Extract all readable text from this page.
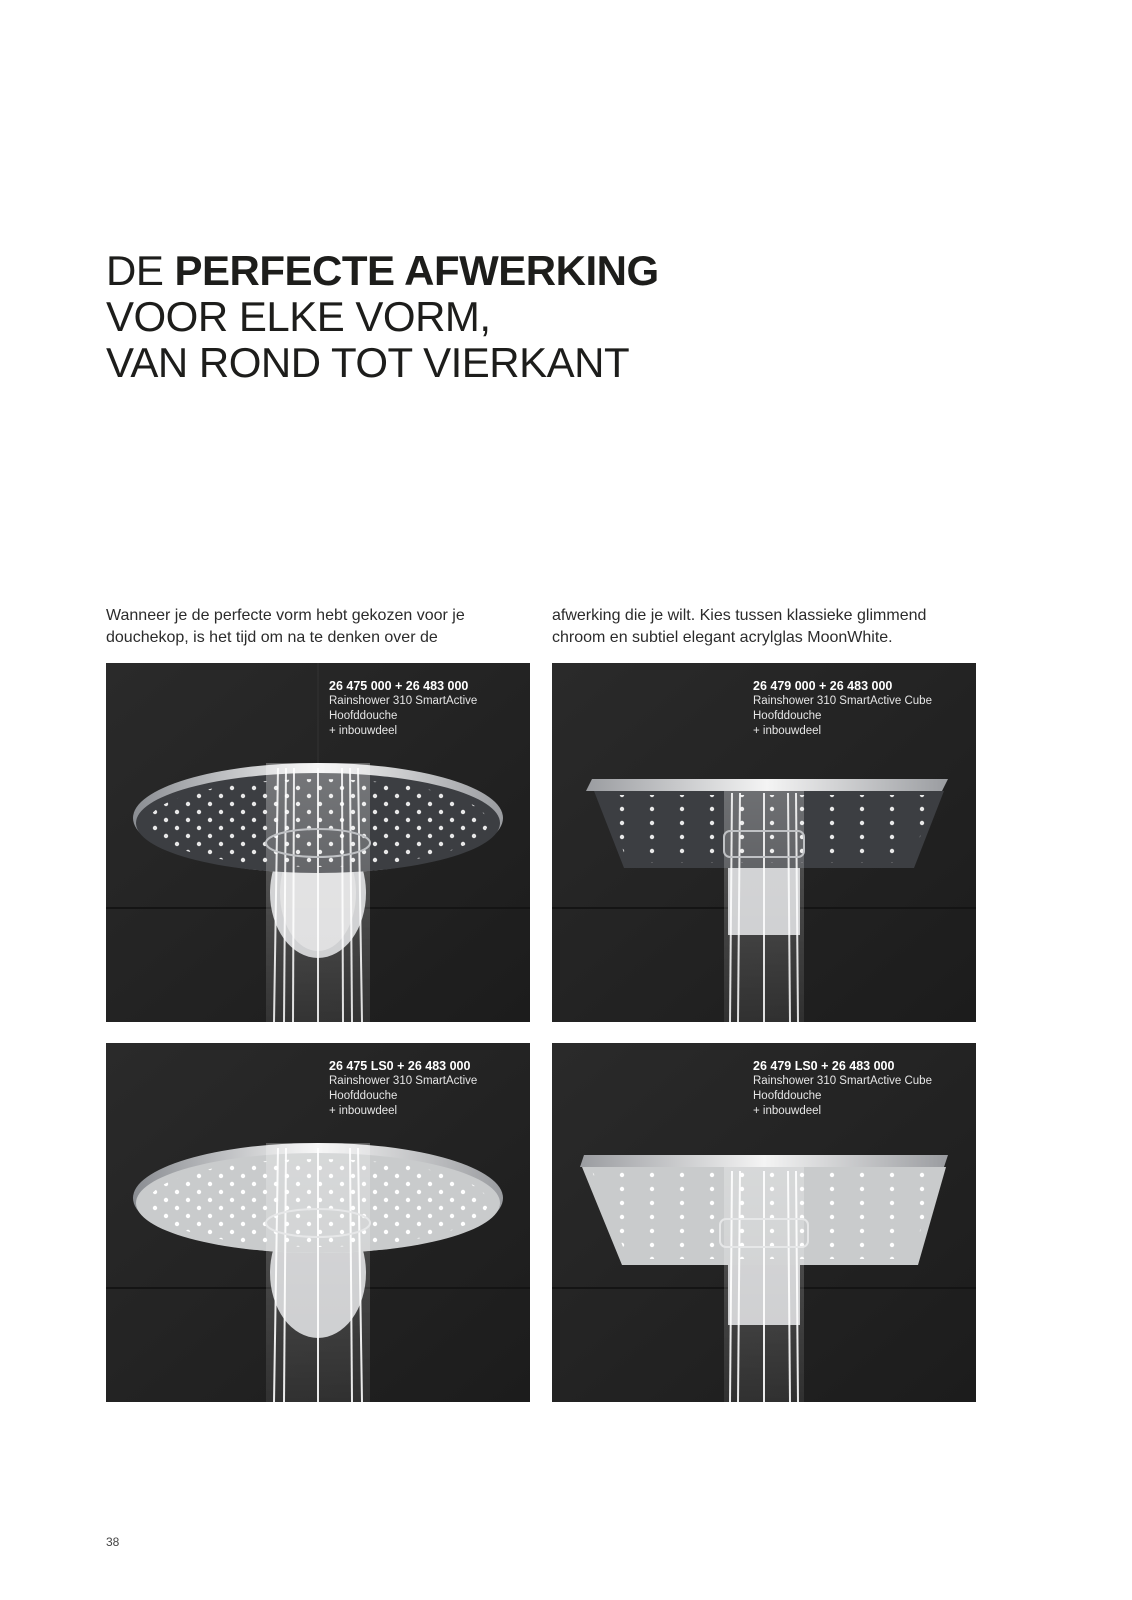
DE PERFECTE AFWERKING
VOOR ELKE VORM,
VAN ROND TOT VIERKANT

Wanneer je de perfecte vorm hebt gekozen voor je douchekop, is het tijd om na te denken over de

afwerking die je wilt. Kies tussen klassieke glimmend chroom en subtiel elegant acrylglas MoonWhite.

26 475 000 + 26 483 000
Rainshower 310 SmartActive
Hoofddouche
+ inbouwdeel
26 479 000 + 26 483 000
Rainshower 310 SmartActive Cube
Hoofddouche
+ inbouwdeel
26 475 LS0 + 26 483 000
Rainshower 310 SmartActive
Hoofddouche
+ inbouwdeel
26 479 LS0 + 26 483 000
Rainshower 310 SmartActive Cube
Hoofddouche
+ inbouwdeel
38
